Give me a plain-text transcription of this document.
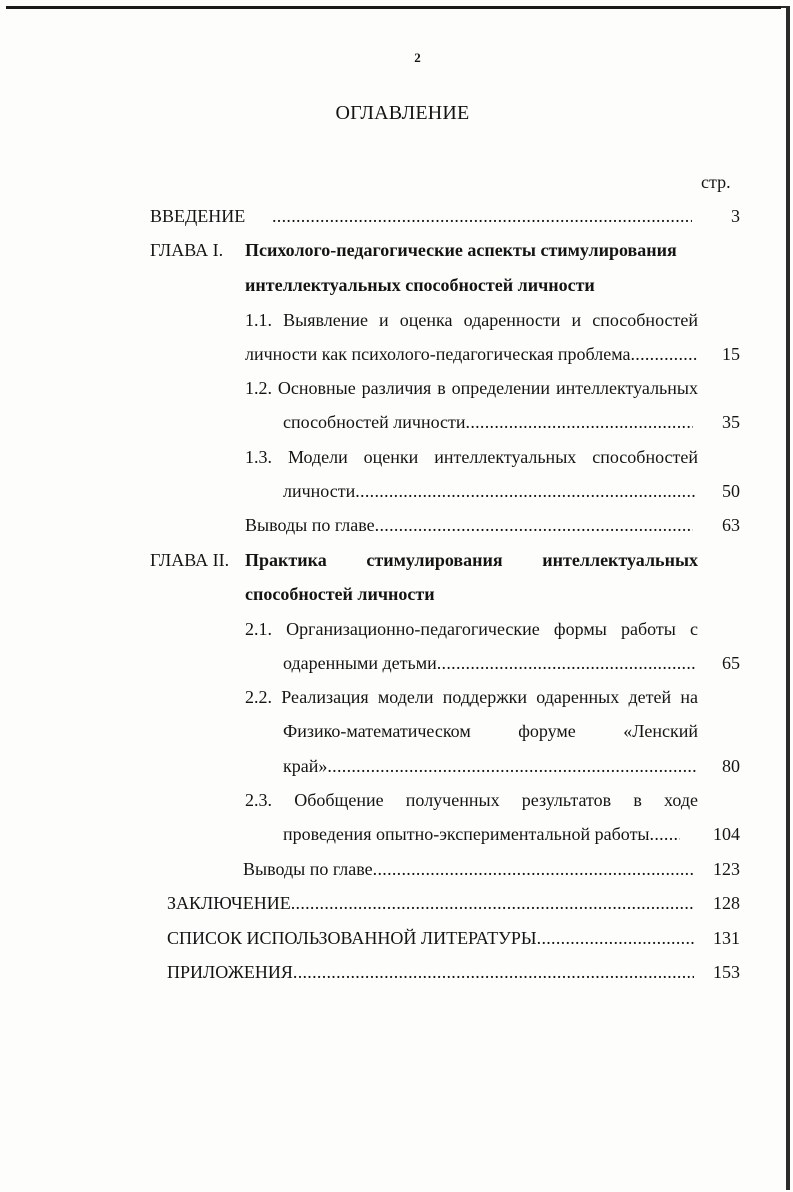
2
ОГЛАВЛЕНИЕ
стр.
ВВЕДЕНИЕ .....	3
ГЛАВА I. Психолого-педагогические аспекты стимулирования
интеллектуальных способностей личности
1.1. Выявление и оценка одаренности и способностей
личности как психолого-педагогическая проблема .....	15
1.2. Основные различия в определении интеллектуальных
способностей личности .....	35
1.3. Модели оценки интеллектуальных способностей
личности .....	50
Выводы по главе .....	63
ГЛАВА II. Практика стимулирования интеллектуальных
способностей личности
2.1. Организационно-педагогические формы работы с
одаренными детьми .....	65
2.2. Реализация модели поддержки одаренных детей на
Физико-математическом форуме «Ленский
край» .....	80
2.3. Обобщение полученных результатов в ходе
проведения опытно-экспериментальной работы .....	104
Выводы по главе .....	123
ЗАКЛЮЧЕНИЕ .....	128
СПИСОК ИСПОЛЬЗОВАННОЙ ЛИТЕРАТУРЫ .....	131
ПРИЛОЖЕНИЯ .....	153
